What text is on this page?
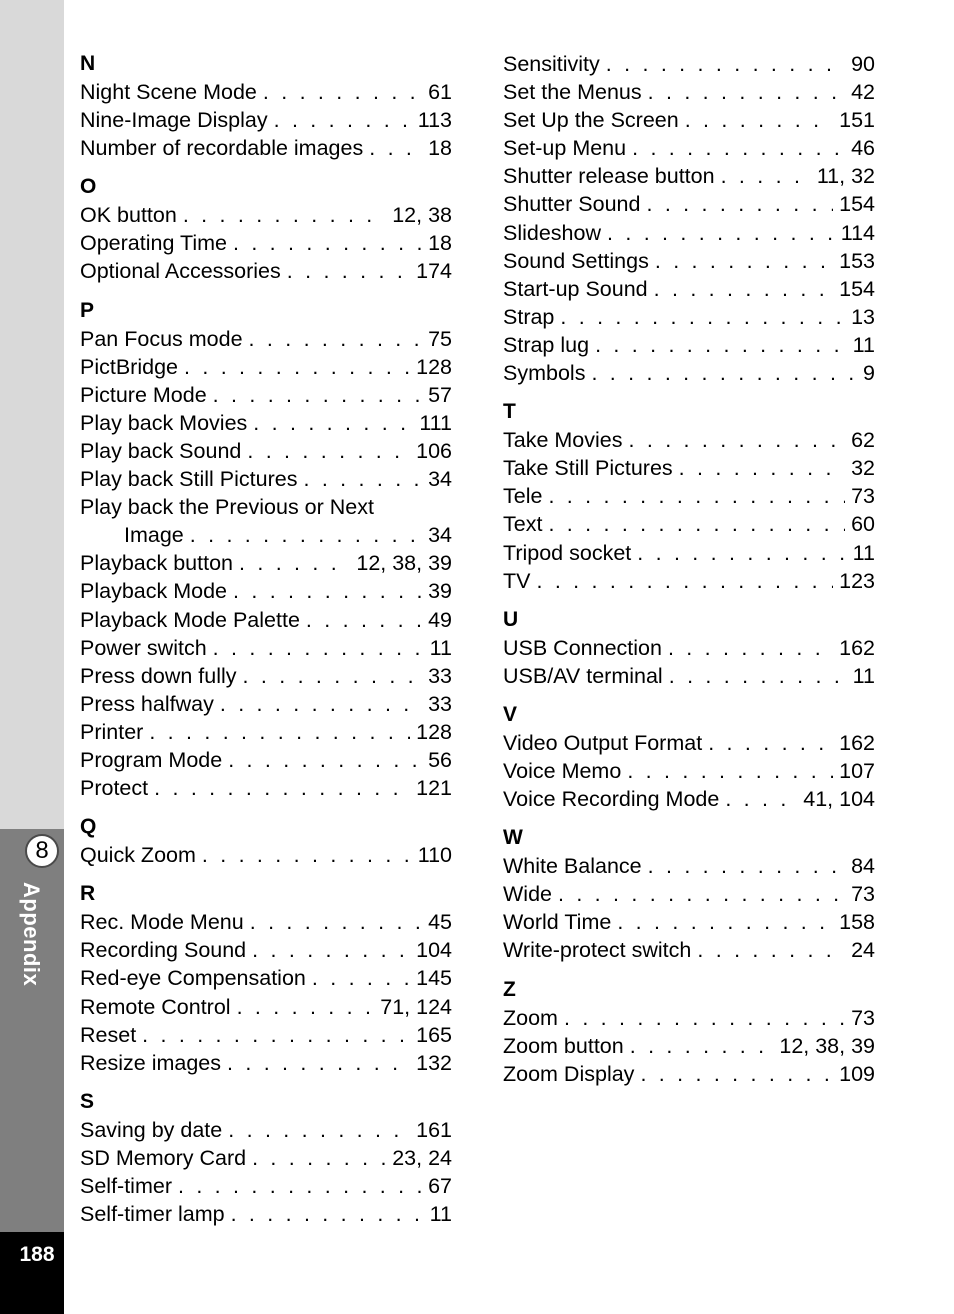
8
Appendix
188
N
Night Scene Mode . . .	61
Nine-Image Display . . .	113
Number of recordable images . . .	18
O
OK button . . .	12, 38
Operating Time . . .	18
Optional Accessories . . .	174
P
Pan Focus mode . . .	75
PictBridge . . .	128
Picture Mode . . .	57
Play back Movies . . .	111
Play back Sound . . .	106
Play back Still Pictures . . .	34
Play back the Previous or Next
Image . . .	34
Playback button . . .	12, 38, 39
Playback Mode . . .	39
Playback Mode Palette . . .	49
Power switch . . .	11
Press down fully . . .	33
Press halfway . . .	33
Printer . . .	128
Program Mode . . .	56
Protect . . .	121
Q
Quick Zoom . . .	110
R
Rec. Mode Menu . . .	45
Recording Sound . . .	104
Red-eye Compensation . . .	145
Remote Control . . .	71, 124
Reset . . .	165
Resize images . . .	132
S
Saving by date . . .	161
SD Memory Card . . .	23, 24
Self-timer . . .	67
Self-timer lamp . . .	11
Sensitivity . . .	90
Set the Menus . . .	42
Set Up the Screen . . .	151
Set-up Menu . . .	46
Shutter release button . . .	11, 32
Shutter Sound . . .	154
Slideshow . . .	114
Sound Settings . . .	153
Start-up Sound . . .	154
Strap . . .	13
Strap lug . . .	11
Symbols . . .	9
T
Take Movies . . .	62
Take Still Pictures . . .	32
Tele . . .	73
Text . . .	60
Tripod socket . . .	11
TV . . .	123
U
USB Connection . . .	162
USB/AV terminal . . .	11
V
Video Output Format . . .	162
Voice Memo . . .	107
Voice Recording Mode . . .	41, 104
W
White Balance . . .	84
Wide . . .	73
World Time . . .	158
Write-protect switch . . .	24
Z
Zoom . . .	73
Zoom button . . .	12, 38, 39
Zoom Display . . .	109
